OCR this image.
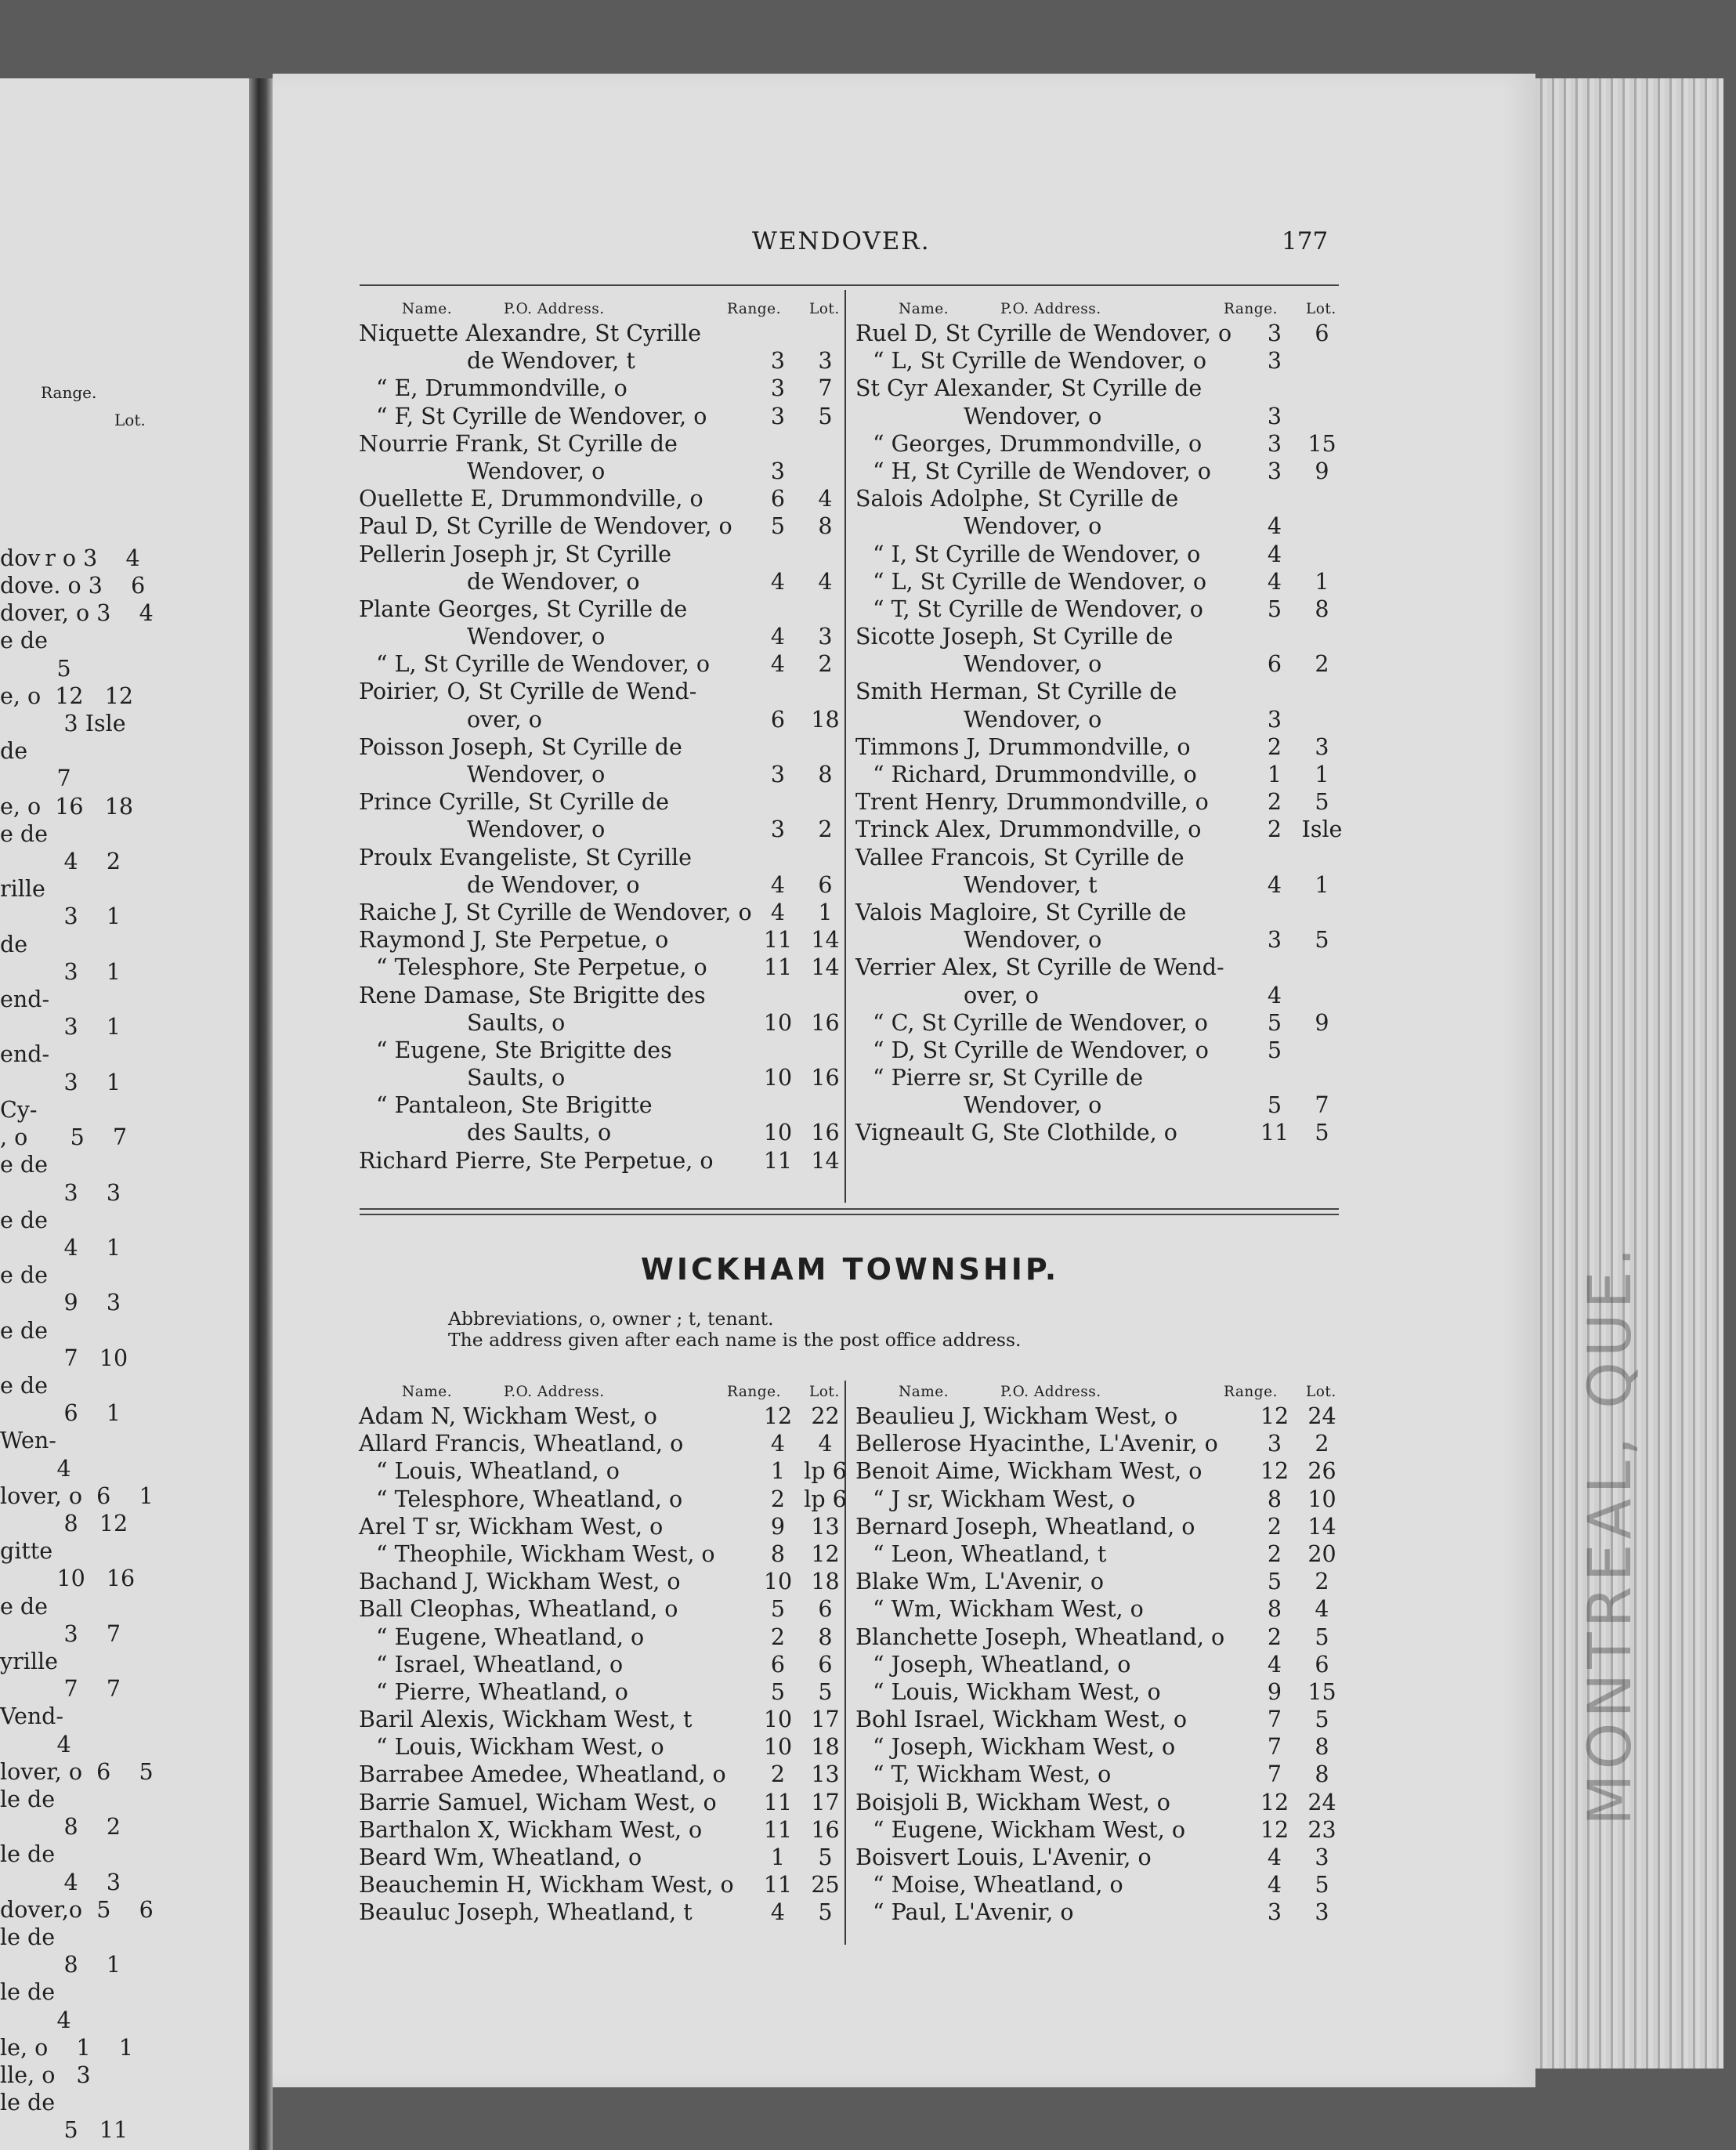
Range.

Lot.

dov r o 3    4
dove. o 3    6
dover, o 3    4
e de
5
e, o  12   12
3 Isle
de
7
e, o  16   18
e de
4    2
rille
3    1
de
3    1
end-
3    1
end-
3    1
Cy-
, o      5    7
e de
3    3
e de
4    1
e de
9    3
e de
7   10
e de
6    1
Wen-
4
lover, o  6    1
8   12
gitte
10   16
e de
3    7
yrille
7    7
Vend-
4
lover, o  6    5
le de
8    2
le de
4    3
dover,o  5    6
le de
8    1
le de
4
le, o    1    1
lle, o   3
le de
5   11
MONTREAL, QUE.
WENDOVER.	177
Name.	P.O. Address.	Range. Lot.
Niquette Alexandre, St Cyrille
de Wendover, t	3	3
“ E, Drummondville, o	3	7
“ F, St Cyrille de Wendover, o	3	5
Nourrie Frank, St Cyrille de
Wendover, o	3
Ouellette E, Drummondville, o	6	4
Paul D, St Cyrille de Wendover, o	5	8
Pellerin Joseph jr, St Cyrille
de Wendover, o	4	4
Plante Georges, St Cyrille de
Wendover, o	4	3
“ L, St Cyrille de Wendover, o	4	2
Poirier, O, St Cyrille de Wend-
over, o	6	18
Poisson Joseph, St Cyrille de
Wendover, o	3	8
Prince Cyrille, St Cyrille de
Wendover, o	3	2
Proulx Evangeliste, St Cyrille
de Wendover, o	4	6
Raiche J, St Cyrille de Wendover, o 4	1
Raymond J, Ste Perpetue, o	11 14
“ Telesphore, Ste Perpetue, o	11 14
Rene Damase, Ste Brigitte des
Saults, o	10 16
“ Eugene, Ste Brigitte des
Saults, o	10 16
“ Pantaleon, Ste Brigitte
des Saults, o	10 16
Richard Pierre, Ste Perpetue, o	11 14
Name.	P.O. Address.	Range. Lot.
Ruel D, St Cyrille de Wendover, o	3	6
“ L, St Cyrille de Wendover, o	3
St Cyr Alexander, St Cyrille de
Wendover, o	3
“ Georges, Drummondville, o	3	15
“ H, St Cyrille de Wendover, o	3	9
Salois Adolphe, St Cyrille de
Wendover, o	4
“ I, St Cyrille de Wendover, o	4
“ L, St Cyrille de Wendover, o	4	1
“ T, St Cyrille de Wendover, o	5	8
Sicotte Joseph, St Cyrille de
Wendover, o	6	2
Smith Herman, St Cyrille de
Wendover, o	3
Timmons J, Drummondville, o	2	3
“ Richard, Drummondville, o	1	1
Trent Henry, Drummondville, o	2	5
Trinck Alex, Drummondville, o	2 Isle
Vallee Francois, St Cyrille de
Wendover, t	4	1
Valois Magloire, St Cyrille de
Wendover, o	3	5
Verrier Alex, St Cyrille de Wend-
over, o	4
“ C, St Cyrille de Wendover, o	5	9
“ D, St Cyrille de Wendover, o	5
“ Pierre sr, St Cyrille de
Wendover, o	5	7
Vigneault G, Ste Clothilde, o	11	5
WICKHAM TOWNSHIP.
Abbreviations, o, owner ; t, tenant.
The address given after each name is the post office address.
Name.	P.O. Address.	Range. Lot.
Adam N, Wickham West, o	12 22
Allard Francis, Wheatland, o	4	4
“ Louis, Wheatland, o	1 lp 6
“ Telesphore, Wheatland, o	2 lp 6
Arel T sr, Wickham West, o	9	13
“ Theophile, Wickham West, o	8	12
Bachand J, Wickham West, o	10 18
Ball Cleophas, Wheatland, o	5	6
“ Eugene, Wheatland, o	2	8
“ Israel, Wheatland, o	6	6
“ Pierre, Wheatland, o	5	5
Baril Alexis, Wickham West, t	10 17
“ Louis, Wickham West, o	10 18
Barrabee Amedee, Wheatland, o	2	13
Barrie Samuel, Wicham West, o	11 17
Barthalon X, Wickham West, o	11 16
Beard Wm, Wheatland, o	1	5
Beauchemin H, Wickham West, o	11 25
Beauluc Joseph, Wheatland, t	4	5
Name.	P.O. Address.	Range. Lot.
Beaulieu J, Wickham West, o	12 24
Bellerose Hyacinthe, L'Avenir, o	3	2
Benoit Aime, Wickham West, o	12 26
“ J sr, Wickham West, o	8	10
Bernard Joseph, Wheatland, o	2	14
“ Leon, Wheatland, t	2	20
Blake Wm, L'Avenir, o	5	2
“ Wm, Wickham West, o	8	4
Blanchette Joseph, Wheatland, o	2	5
“ Joseph, Wheatland, o	4	6
“ Louis, Wickham West, o	9	15
Bohl Israel, Wickham West, o	7	5
“ Joseph, Wickham West, o	7	8
“ T, Wickham West, o	7	8
Boisjoli B, Wickham West, o	12 24
“ Eugene, Wickham West, o	12 23
Boisvert Louis, L'Avenir, o	4	3
“ Moise, Wheatland, o	4	5
“ Paul, L'Avenir, o	3	3
